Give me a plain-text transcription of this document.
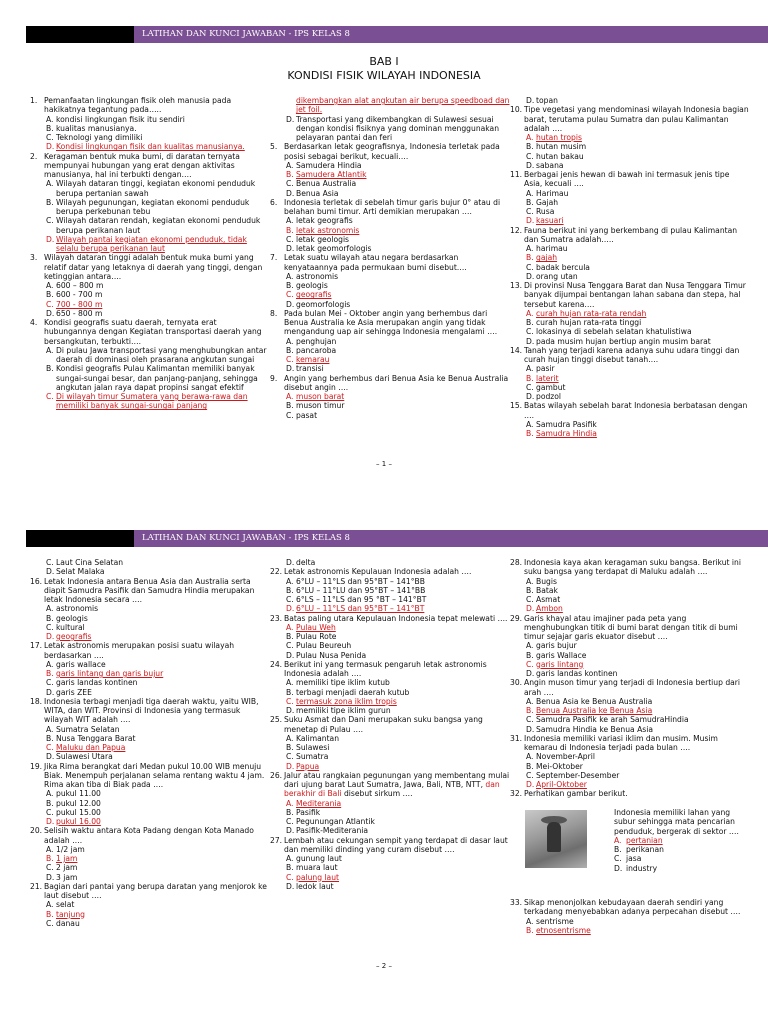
LATIHAN DAN KUNCI JAWABAN - IPS KELAS 8
BAB I
KONDISI FISIK WILAYAH INDONESIA
1. Pemanfaatan lingkungan fisik oleh manusia pada hakikatnya tegantung pada…..
A. kondisi lingkungan fisik itu sendiri
B. kualitas manusianya.
C. Teknologi yang dimiliki
D. Kondisi lingkungan fisik dan kualitas manusianya.
2. Keragaman bentuk muka bumi, di daratan ternyata mempunyai hubungan yang erat dengan aktivitas manusianya, hal ini terbukti dengan….
A. Wilayah dataran tinggi, kegiatan ekonomi penduduk berupa pertanian sawah
B. Wilayah pegunungan, kegiatan ekonomi penduduk berupa perkebunan tebu
C. Wilayah dataran rendah, kegiatan ekonomi penduduk berupa perikanan laut
D. Wilayah pantai kegiatan ekonomi penduduk, tidak selalu berupa perikanan laut
3. Wilayah dataran tinggi adalah bentuk muka bumi yang relatif datar yang letaknya di daerah yang tinggi, dengan ketinggian antara….
A. 600 – 800 m
B. 600 - 700 m
C. 700 - 800 m
D. 650 - 800 m
4. Kondisi geografis suatu daerah, ternyata erat hubungannya dengan Kegiatan transportasi daerah yang bersangkutan, terbukti….
A. Di pulau Jawa transportasi yang menghubungkan antar daerah di dominasi oleh prasarana angkutan sungai
B. Kondisi geografis Pulau Kalimantan memiliki banyak sungai-sungai besar, dan panjang-panjang, sehingga angkutan jalan raya dapat propinsi sangat efektif
C. Di wilayah timur Sumatera yang berawa-rawa dan memiliki banyak sungai-sungai panjang
dikembangkan alat angkutan air berupa speedboad dan jet foil.
D. Transportasi yang dikembangkan di Sulawesi sesuai dengan kondisi fisiknya yang dominan menggunakan pelayaran pantai dan feri
5. Berdasarkan letak geografisnya, Indonesia terletak pada posisi sebagai berikut, kecuali….
A. Samudera Hindia
B. Samudera Atlantik
C. Benua Australia
D. Benua Asia
6. Indonesia terletak di sebelah timur garis bujur 0° atau di belahan bumi timur. Arti demikian merupakan ….
A. letak geografis
B. letak astronomis
C. letak geologis
D. letak geomorfologis
7. Letak suatu wilayah atau negara berdasarkan kenyataannya pada permukaan bumi disebut….
A. astronomis
B. geologis
C. geografis
D. geomorfologis
8. Pada bulan Mei - Oktober angin yang berhembus dari Benua Australia ke Asia merupakan angin yang tidak mengandung uap air sehingga Indonesia mengalami ….
A. penghujan
B. pancaroba
C. kemarau
D. transisi
9. Angin yang berhembus dari Benua Asia ke Benua Australia disebut angin ….
A. muson barat
B. muson timur
C. pasat
D. topan
10. Tipe vegetasi yang mendominasi wilayah Indonesia bagian barat, terutama pulau Sumatra dan pulau Kalimantan adalah ….
A. hutan tropis
B. hutan musim
C. hutan bakau
D. sabana
11. Berbagai jenis hewan di bawah ini termasuk jenis tipe Asia, kecuali ….
A. Harimau
B. Gajah
C. Rusa
D. kasuari
12. Fauna berikut ini yang berkembang di pulau Kalimantan dan Sumatra adalah…..
A. harimau
B. gajah
C. badak bercula
D. orang utan
13. Di provinsi Nusa Tenggara Barat dan Nusa Tenggara Timur banyak dijumpai bentangan lahan sabana dan stepa, hal tersebut karena….
A. curah hujan rata-rata rendah
B. curah hujan rata-rata tinggi
C. lokasinya di sebelah selatan khatulistiwa
D. pada musim hujan bertiup angin musim barat
14. Tanah yang terjadi karena adanya suhu udara tinggi dan curah hujan tinggi disebut tanah….
A. pasir
B. laterit
C. gambut
D. podzol
15. Batas wilayah sebelah barat Indonesia berbatasan dengan ….
A. Samudra Pasifik
B. Samudra Hindia
– 1 –
LATIHAN DAN KUNCI JAWABAN - IPS KELAS 8
C. Laut Cina Selatan
D. Selat Malaka
16. Letak Indonesia antara Benua Asia dan Australia serta diapit Samudra Pasifik dan Samudra Hindia merupakan letak Indonesia secara ….
A. astronomis
B. geologis
C. kultural
D. geografis
17. Letak astronomis merupakan posisi suatu wilayah berdasarkan ….
A. garis wallace
B. garis lintang dan garis bujur
C. garis landas kontinen
D. garis ZEE
18. Indonesia terbagi menjadi tiga daerah waktu, yaitu WIB, WITA, dan WIT. Provinsi di Indonesia yang termasuk wilayah WIT adalah ….
A. Sumatra Selatan
B. Nusa Tenggara Barat
C. Maluku dan Papua
D. Sulawesi Utara
19. Jika Rima berangkat dari Medan pukul 10.00 WIB menuju Biak. Menempuh perjalanan selama rentang waktu 4 jam. Rima akan tiba di Biak pada ….
A. pukul 11.00
B. pukul 12.00
C. pukul 15.00
D. pukul 16.00
20. Selisih waktu antara Kota Padang dengan Kota Manado adalah ….
A. 1/2 jam
B. 1 jam
C. 2 jam
D. 3 jam
21. Bagian dari pantai yang berupa daratan yang menjorok ke laut disebut ….
A. selat
B. tanjung
C. danau
D. delta
22. Letak astronomis Kepulauan Indonesia adalah ….
A. 6°LU – 11°LS dan 95°BT – 141°BB
B. 6°LU – 11°LU dan 95°BT – 141°BB
C. 6°LS – 11°LS dan 95 °BT – 141°BT
D. 6°LU – 11°LS dan 95°BT – 141°BT
23. Batas paling utara Kepulauan Indonesia tepat melewati ….
A. Pulau Weh
B. Pulau Rote
C. Pulau Beureuh
D. Pulau Nusa Penida
24. Berikut ini yang termasuk pengaruh letak astronomis Indonesia adalah ….
A. memiliki tipe iklim kutub
B. terbagi menjadi daerah kutub
C. termasuk zona iklim tropis
D. memiliki tipe iklim gurun
25. Suku Asmat dan Dani merupakan suku bangsa yang menetap di Pulau ….
A. Kalimantan
B. Sulawesi
C. Sumatra
D. Papua
26. Jalur atau rangkaian pegunungan yang membentang mulai dari ujung barat Laut Sumatra, Jawa, Bali, NTB, NTT, dan berakhir di Bali disebut sirkum ….
A. Mediterania
B. Pasifik
C. Pegunungan Atlantik
D. Pasifik-Mediterania
27. Lembah atau cekungan sempit yang terdapat di dasar laut dan memiliki dinding yang curam disebut ….
A. gunung laut
B. muara laut
C. palung laut
D. ledok laut
28. Indonesia kaya akan keragaman suku bangsa. Berikut ini suku bangsa yang terdapat di Maluku adalah ….
A. Bugis
B. Batak
C. Asmat
D. Ambon
29. Garis khayal atau imajiner pada peta yang menghubungkan titik di bumi barat dengan titik di bumi timur sejajar garis ekuator disebut ….
A. garis bujur
B. garis Wallace
C. garis lintang
D. garis landas kontinen
30. Angin muson timur yang terjadi di Indonesia bertiup dari arah ….
A. Benua Asia ke Benua Australia
B. Benua Australia ke Benua Asia
C. Samudra Pasifik ke arah SamudraHindia
D. Samudra Hindia ke Benua Asia
31. Indonesia memiliki variasi iklim dan musim. Musim kemarau di Indonesia terjadi pada bulan ….
A. November-April
B. Mei-Oktober
C. September-Desember
D. April-Oktober
32. Perhatikan gambar berikut.
Indonesia memiliki lahan yang subur sehingga mata pencarian penduduk, bergerak di sektor ….
A. pertanian
B. perikanan
C. jasa
D. industry
33. Sikap menonjolkan kebudayaan daerah sendiri yang terkadang menyebabkan adanya perpecahan disebut ….
A. sentrisme
B. etnosentrisme
– 2 –
